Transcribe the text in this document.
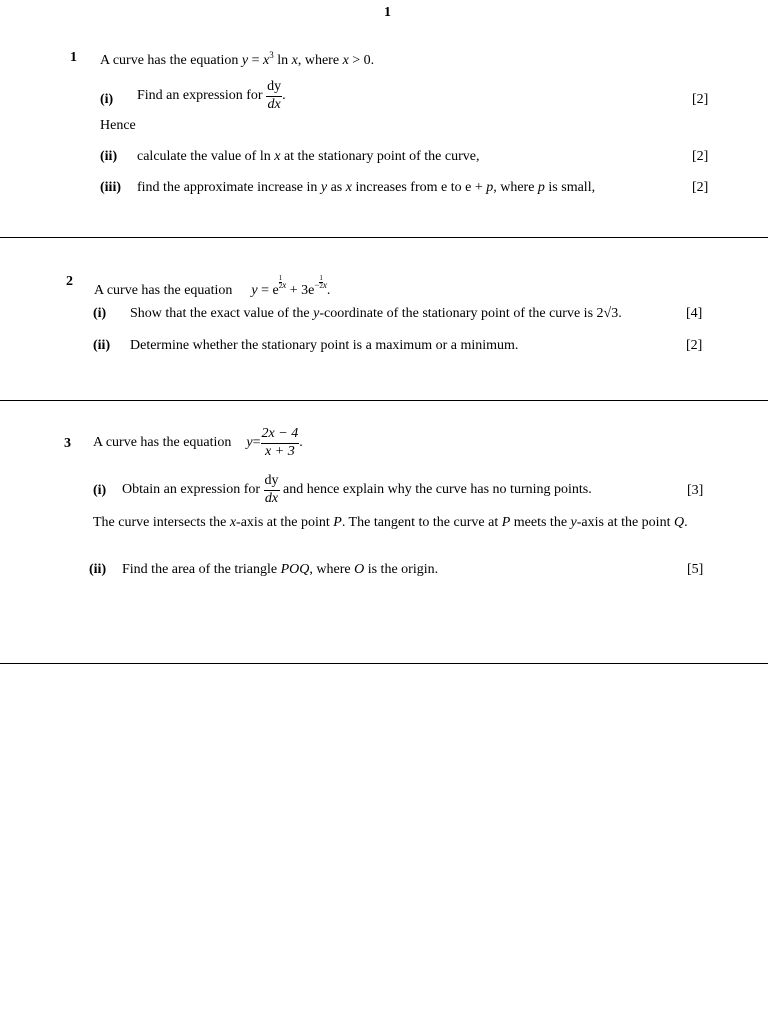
1
1 A curve has the equation $y = x^3$ ln x, where x > 0.
(i) Find an expression for $\frac{dy}{dx}$ .	[2]
Hence
(ii) calculate the value of ln x at the stationary point of the curve,	[2]
(iii) find the approximate increase in y as x increases from e to e + p, where p is small,	[2]
2
A curve has the equation y = e
$\frac{1}{2} ^x + 3e^- \frac{1}{2} ^x$.
(i) Show that the exact value of the y-coordinate of the stationary point of the curve is 2√3.	[4]
(ii) Determine whether the stationary point is a maximum or a minimum.	[2]
3 A curve has the equation $y= \frac{2x - 4}{x + 3}$ .
(i) Obtain an expression for $\frac{dy}{dx}$ and hence explain why the curve has no turning points.	[3]
The curve intersects the x-axis at the point P. The tangent to the curve at P meets the y-axis at the point Q.
(ii) Find the area of the triangle POQ, where O is the origin.	[5]
